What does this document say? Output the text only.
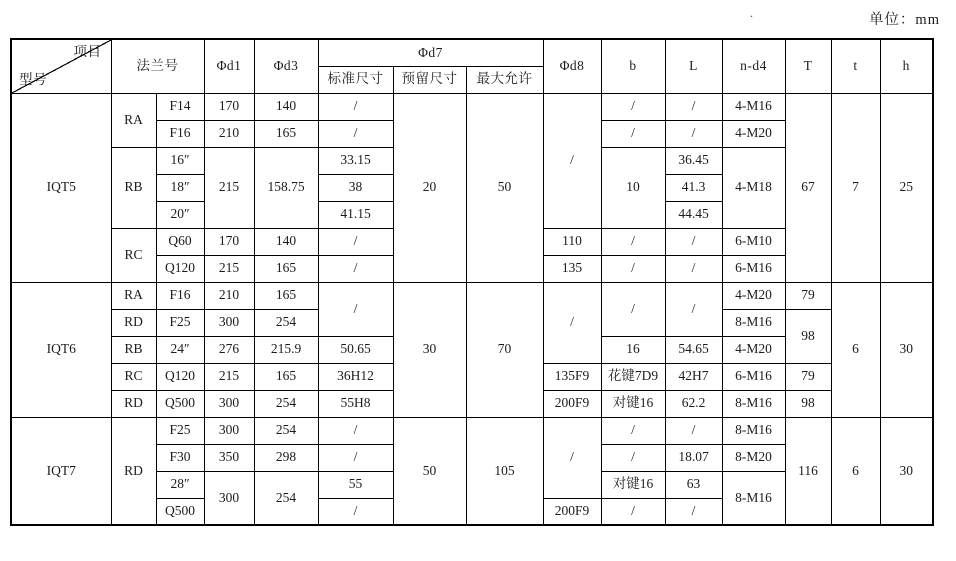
单位：mm
.
项目
型号	法兰号		Φd1	Φd3	Φd7			Φd8	b	L	n-d4	T	t	h
					标准尺寸	预留尺寸	最大允许							
IQT5	RA	F14	170	140	/	20	50	/	/	/	4-M16	67	7	25
		F16	210	165	/				/	/	4-M20			
	RB	16″	215	158.75	33.15				10	36.45	4-M18			
		18″			38					41.3				
		20″			41.15					44.45				
	RC	Q60	170	140	/			110	/	/	6-M10			
		Q120	215	165	/			135	/	/	6-M16			
IQT6	RA	F16	210	165	/	30	70	/	/	/	4-M20	79	6	30
	RD	F25	300	254							8-M16	98		
	RB	24″	276	215.9	50.65				16	54.65	4-M20			
	RC	Q120	215	165	36H12			135F9	花键7D9	42H7	6-M16	79		
	RD	Q500	300	254	55H8			200F9	对键16	62.2	8-M16	98		
IQT7	RD	F25	300	254	/	50	105	/	/	/	8-M16	116	6	30
		F30	350	298	/				/	18.07	8-M20			
		28″	300	254	55				对键16	63	8-M16			
		Q500			/			200F9	/	/				
